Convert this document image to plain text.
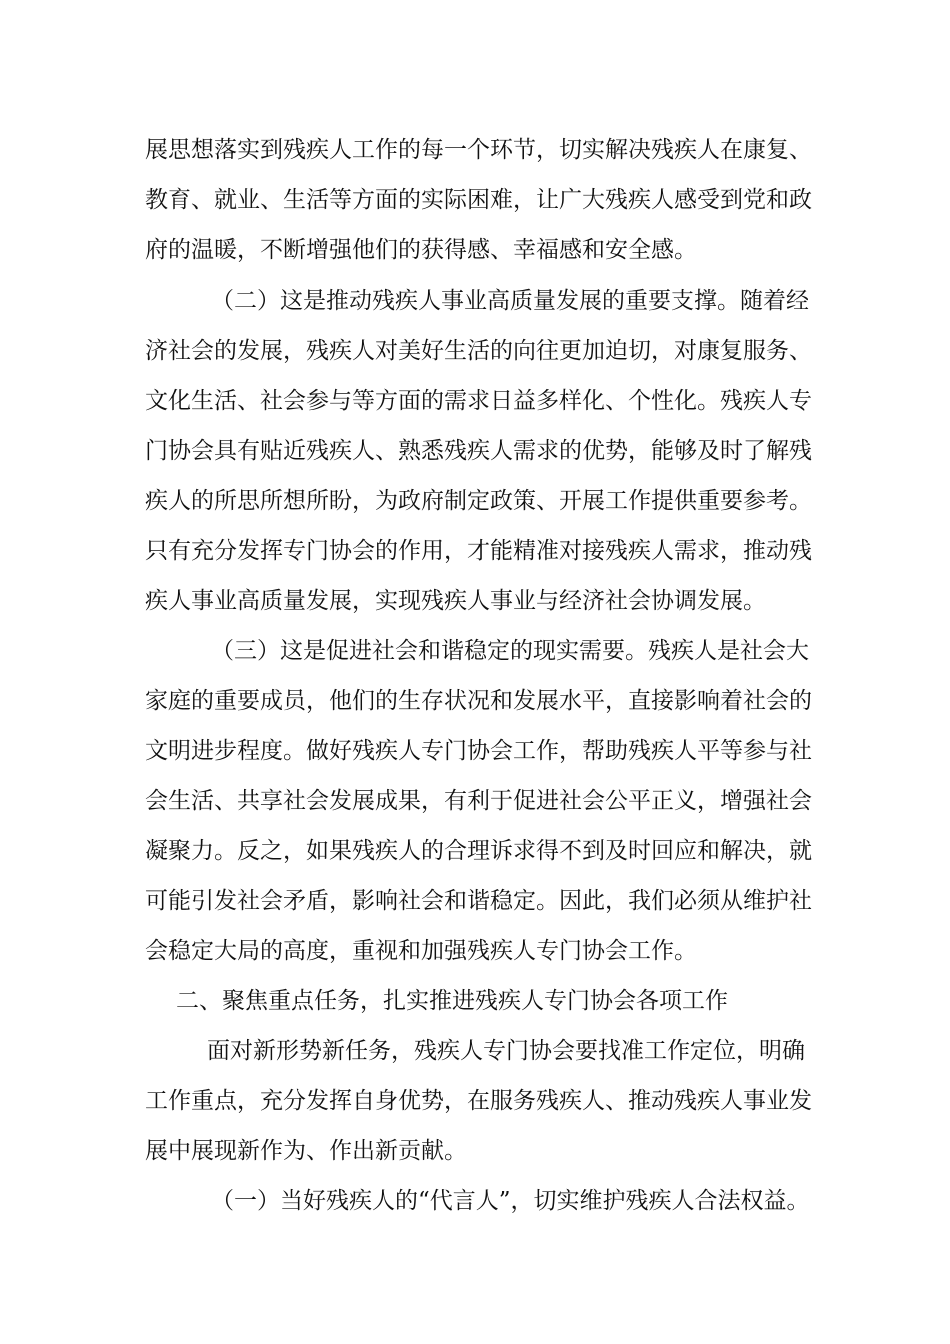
展思想落实到残疾人工作的每一个环节，切实解决残疾人在康复、
教育、就业、生活等方面的实际困难，让广大残疾人感受到党和政
府的温暖，不断增强他们的获得感、幸福感和安全感。
（二）这是推动残疾人事业高质量发展的重要支撑。随着经
济社会的发展，残疾人对美好生活的向往更加迫切，对康复服务、
文化生活、社会参与等方面的需求日益多样化、个性化。残疾人专
门协会具有贴近残疾人、熟悉残疾人需求的优势，能够及时了解残
疾人的所思所想所盼，为政府制定政策、开展工作提供重要参考。
只有充分发挥专门协会的作用，才能精准对接残疾人需求，推动残
疾人事业高质量发展，实现残疾人事业与经济社会协调发展。
（三）这是促进社会和谐稳定的现实需要。残疾人是社会大
家庭的重要成员，他们的生存状况和发展水平，直接影响着社会的
文明进步程度。做好残疾人专门协会工作，帮助残疾人平等参与社
会生活、共享社会发展成果，有利于促进社会公平正义，增强社会
凝聚力。反之，如果残疾人的合理诉求得不到及时回应和解决，就
可能引发社会矛盾，影响社会和谐稳定。因此，我们必须从维护社
会稳定大局的高度，重视和加强残疾人专门协会工作。
二、聚焦重点任务，扎实推进残疾人专门协会各项工作
面对新形势新任务，残疾人专门协会要找准工作定位，明确
工作重点，充分发挥自身优势，在服务残疾人、推动残疾人事业发
展中展现新作为、作出新贡献。
（一）当好残疾人的“代言人”，切实维护残疾人合法权益。
